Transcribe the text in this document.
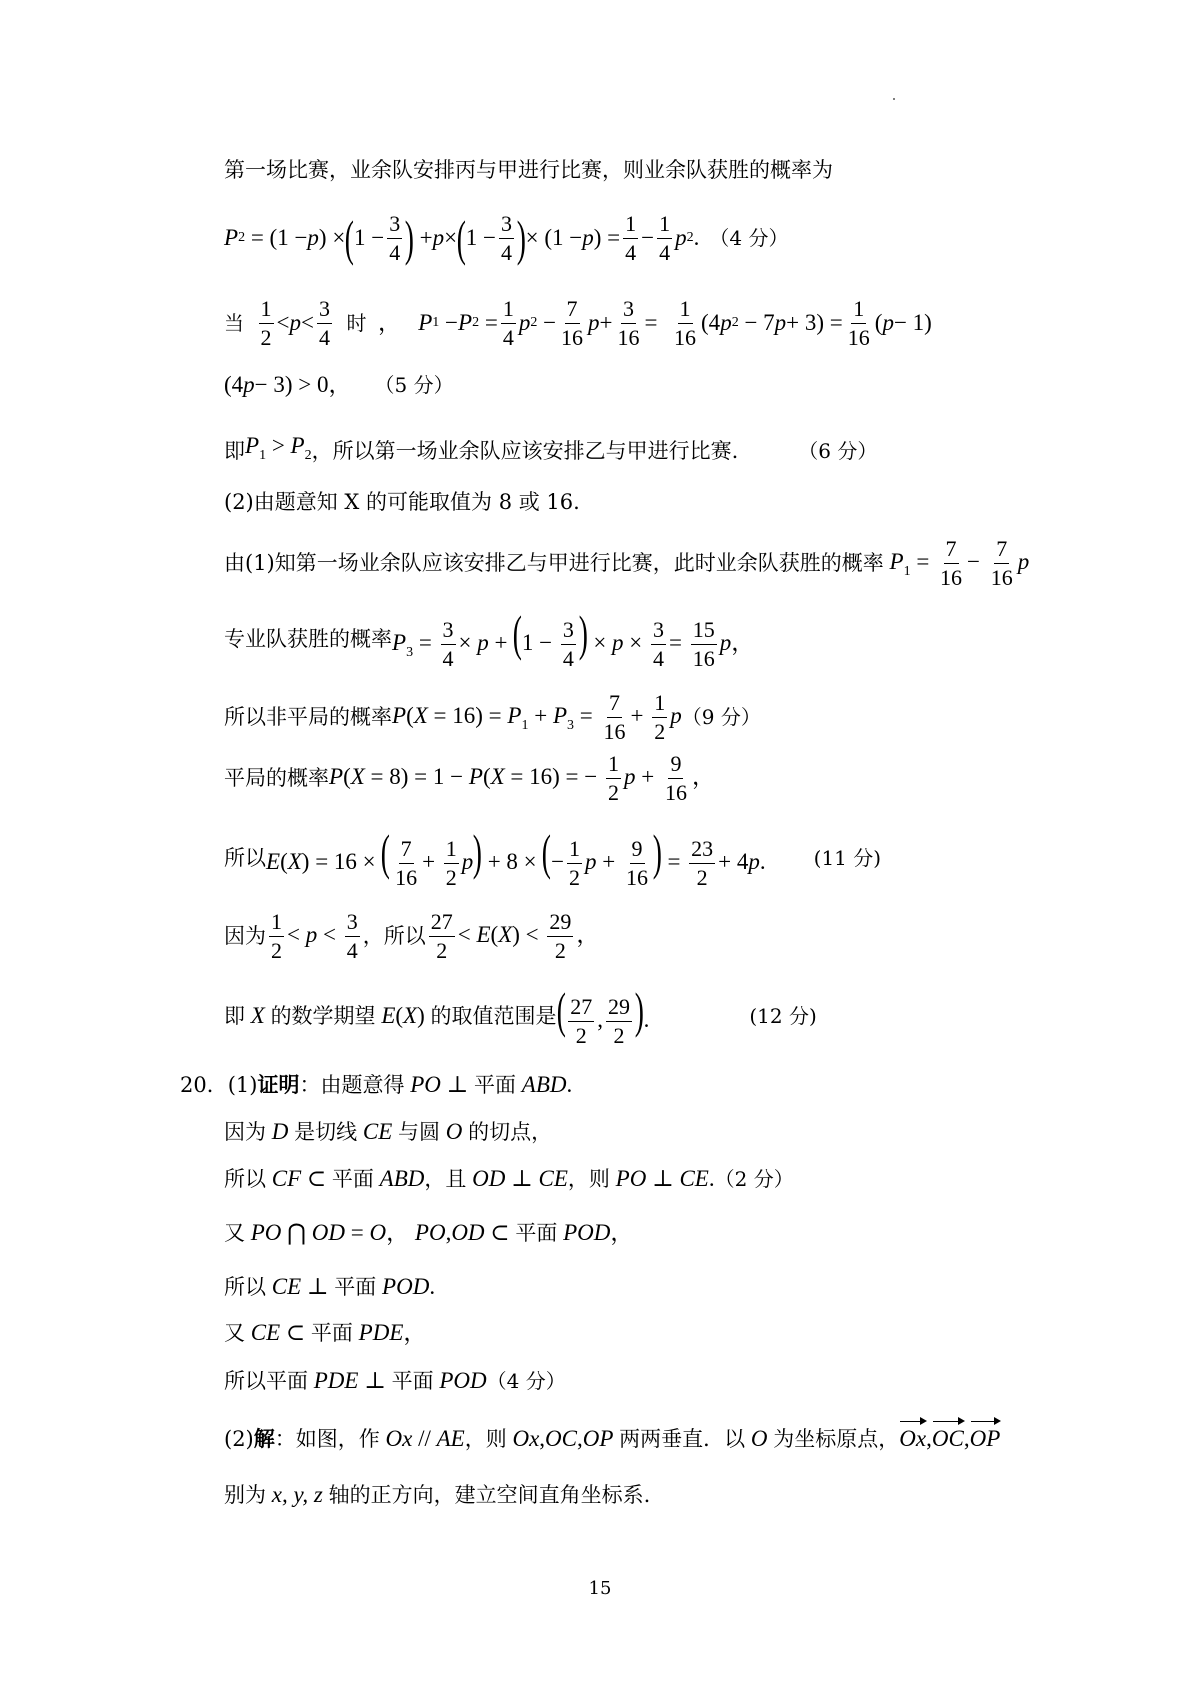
第一场比赛，业余队安排丙与甲进行比赛，则业余队获胜的概率为
P 2 = (1 − p ) × ( $1 - \frac{3}{4}$ ) + p × ( $1 - \frac{3}{4}$ ) × (1 − p ) = $\frac{1}{4} - \frac{1}{4}$ p 2 . （4 分）
当
$\frac{1}{2} < p < \frac{3}{4}$
时 ， P 1 − P $2 = \frac{1}{4}$ p $2 - \frac{7}{16}$ $p + \frac{3}{16} = \frac{1}{16} (4$ p 2 − 7 $p + 3) = \frac{1}{16}$ ( p − 1)
(4 p − 3) > 0， （5 分）
即 $P_1 > P_2$ ，所以第一场业余队应该安排乙与甲进行比赛.	（6 分）
(2)由题意知 X 的可能取值为 8 或 16.
由(1)知第一场业余队应该安排乙与甲进行比赛，此时业余队获胜的概率 $P_1 = \frac{7}{16} - \frac{7}{16}$ p
专业队获胜的概率 $P_3 = \frac{3}{4} \times p + (1 - \frac{3}{4}$ ) × $p \times \frac{3}{4} = \frac{15}{16}$ p，
所以非平局的概率 $P(X = 16) = P_1 + P_3 = \frac{7}{16} + \frac{1}{2}$ p （9 分）
平局的概率 P(X = 8) = 1 − P(X = 16) = − $\frac{1}{2}$ $p + \frac{9}{16}$ ，
所以 E(X) = 16 × ( $\frac{7}{16} + \frac{1}{2} p) + 8$ × (− $\frac{1}{2}$ $p + \frac{9}{16}$ ) = $\frac{23}{2} + 4p$. (11 分)
因为 $\frac{1}{2} < p < \frac{3}{4}$ ，所以 $\frac{27}{2} < E(X) < \frac{29}{2}$ ，
即 X 的数学期望 E(X) 的取值范围是 ( $\frac{27}{2}$ , $\frac{29}{2}$ ).	(12 分)
20． (1) 证明 ：由题意得 PO ⊥ 平面 ABD.
因为 D 是切线 CE 与圆 O 的切点，
所以 CF ⊂ 平面 ABD ，且 OD ⊥ CE ，则 PO ⊥ CE. （2 分）
又 PO ⋂ OD = O， PO,OD ⊂ 平面 POD，
所以 CE ⊥ 平面 POD.
又 CE ⊂ 平面 PDE，
所以平面 PDE ⊥ 平面 POD （4 分）
(2) 解 ：如图，作 Ox // AE ，则 Ox,OC,OP 两两垂直．以 O 为坐标原点， Ox,OC,OP
别为 x, y, z 轴的正方向，建立空间直角坐标系.
15
